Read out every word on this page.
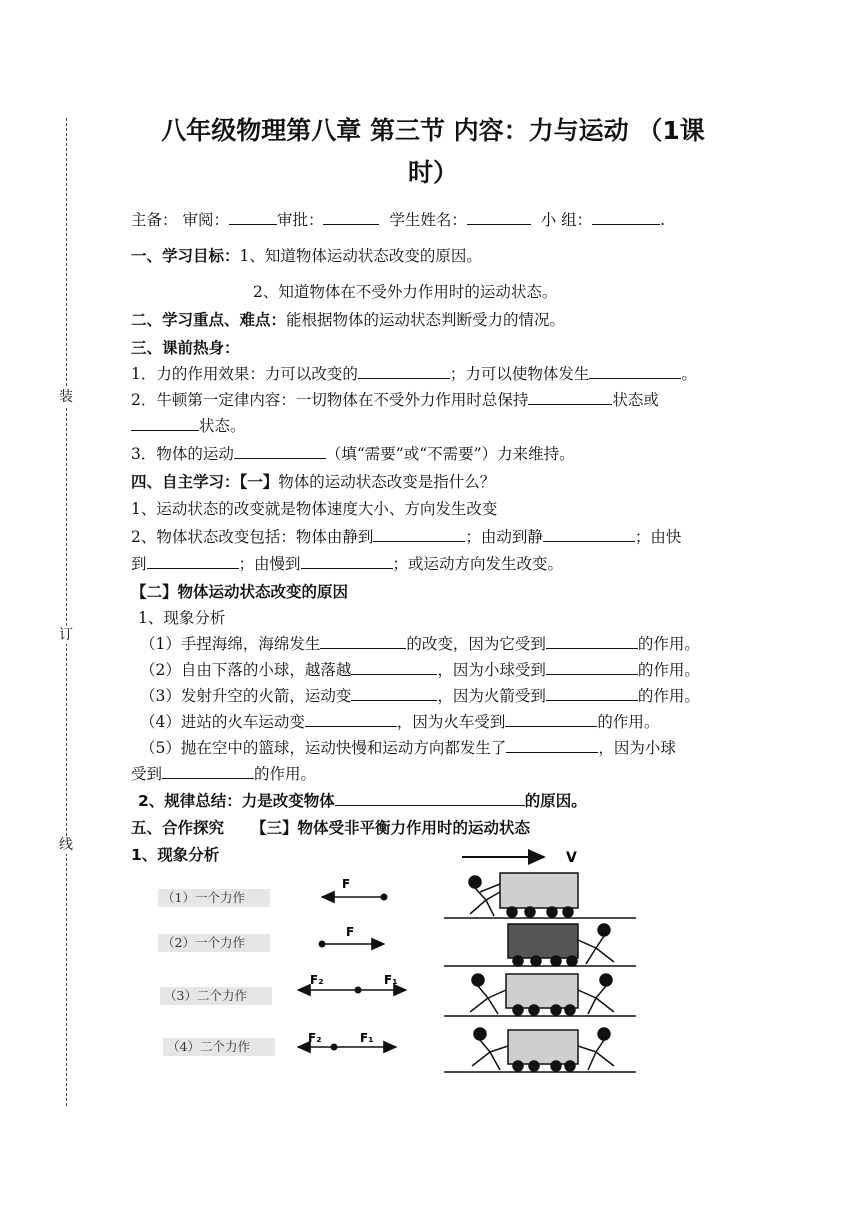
装
订
线
八年级物理第八章 第三节 内容：力与运动 （1课
时）
主备： 审阅：	审批：	学生姓名：	小 组：	.
一、学习目标：1、知道物体运动状态改变的原因。
2、知道物体在不受外力作用时的运动状态。
二、学习重点、难点：能根据物体的运动状态判断受力的情况。
三、课前热身：
1．力的作用效果：力可以改变的	；力可以使物体发生	。
2．牛顿第一定律内容：一切物体在不受外力作用时总保持	状态或
状态。
3．物体的运动	（填“需要”或“不需要”）力来维持。
四、自主学习：【一】物体的运动状态改变是指什么？
1、运动状态的改变就是物体速度大小、方向发生改变
2、物体状态改变包括：物体由静到	；由动到静	；由快
到	；由慢到	；或运动方向发生改变。
【二】物体运动状态改变的原因
1、现象分析
（1）手捏海绵，海绵发生	的改变，因为它受到	的作用。
（2）自由下落的小球，越落越	，因为小球受到	的作用。
（3）发射升空的火箭，运动变	，因为火箭受到	的作用。
（4）进站的火车运动变	，因为火车受到	的作用。
（5）抛在空中的篮球，运动快慢和运动方向都发生了	，因为小球
受到	的作用。
2、规律总结：力是改变物体	的原因。
五、合作探究 【三】物体受非平衡力作用时的运动状态
1、现象分析
（1）一个力作
（2）一个力作
（3）二个力作
（4）二个力作
V
F
F
F₂	F₁
F₂	F₁
